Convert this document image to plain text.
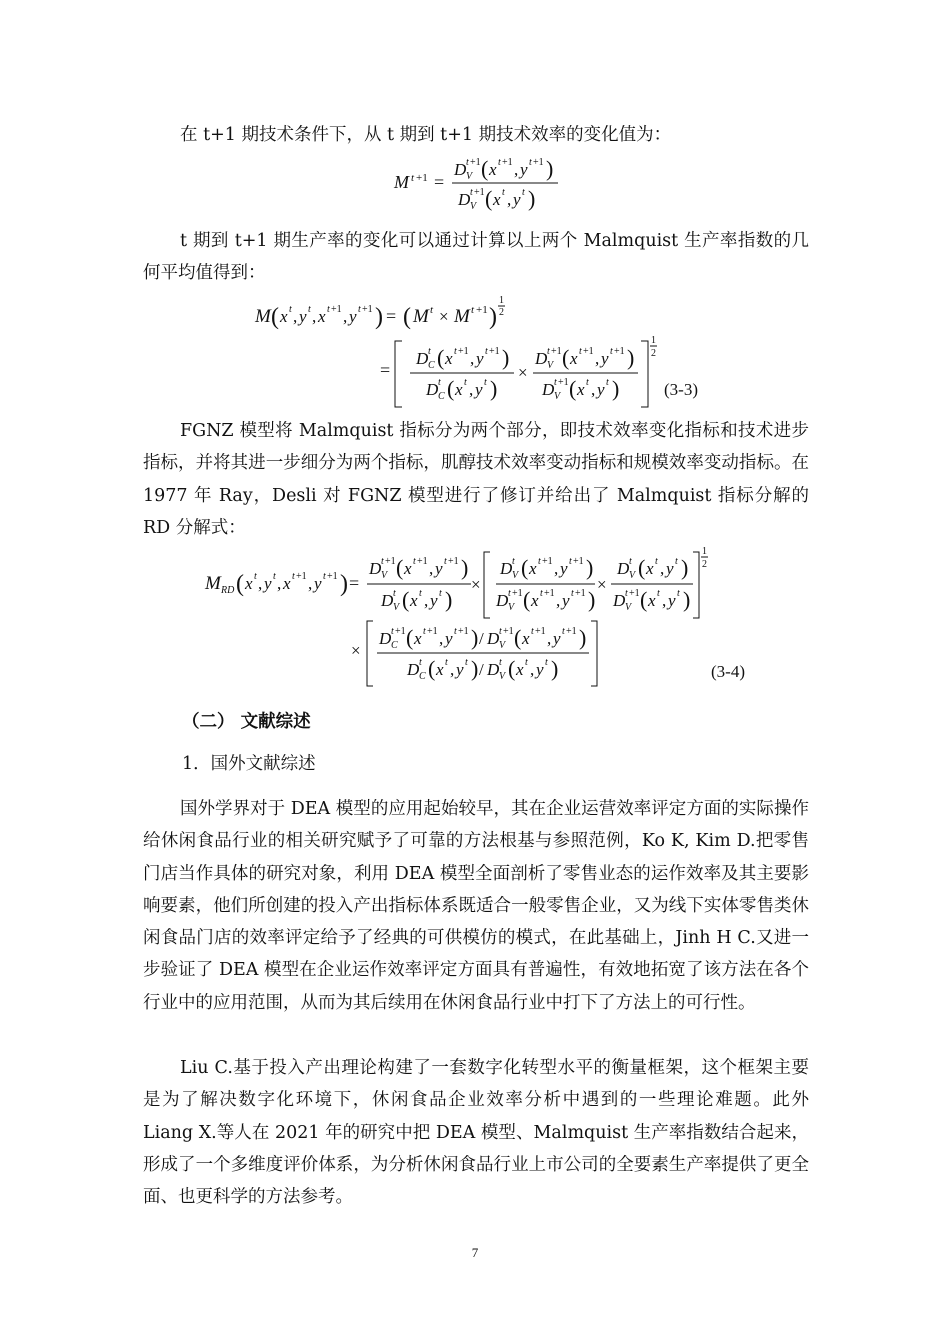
在 t+1 期技术条件下，从 t 期到 t+1 期技术效率的变化值为：

M t +1 =
D t +1
V ( x t +1 , y t +1 )
D t +1
V ( x t , y t )

t 期到 t+1 期生产率的变化可以通过计算以上两个 Malmquist 生产率指数的几何平均值得到：

M ( x t , y t , x t +1 , y t +1 ) = ( M t × M t +1 )
1
2
=
D t
C ( x t +1 , y t +1 )
D t
C ( x t , y t )
×
D t +1
V ( x t +1 , y t +1 )
D t +1
V ( x t , y t )
1
2
(3-3)

FGNZ 模型将 Malmquist 指标分为两个部分，即技术效率变化指标和技术进步指标，并将其进一步细分为两个指标，肌醇技术效率变动指标和规模效率变动指标。在 1977 年 Ray，Desli 对 FGNZ 模型进行了修订并给出了 Malmquist 指标分解的 RD 分解式：

M RD ( x t , y t , x t +1 , y t +1 ) =
D t +1
V ( x t +1 , y t +1 )
D t
V ( x t , y t )
×
D t
V ( x t +1 , y t +1 )
D t +1
V ( x t +1 , y t +1 )
×
D t
V ( x t , y t )
D t +1
V ( x t , y t )
1
2
×
D t +1
C ( x t +1 , y t +1 ) / D t +1
V ( x t +1 , y t +1 )
D t
C ( x t , y t ) / D t
V ( x t , y t )	(3-4)

（二） 文献综述

1．国外文献综述

国外学界对于 DEA 模型的应用起始较早，其在企业运营效率评定方面的实际操作给休闲食品行业的相关研究赋予了可靠的方法根基与参照范例，Ko K, Kim D.把零售门店当作具体的研究对象，利用 DEA 模型全面剖析了零售业态的运作效率及其主要影响要素，他们所创建的投入产出指标体系既适合一般零售企业，又为线下实体零售类休闲食品门店的效率评定给予了经典的可供模仿的模式，在此基础上，Jinh H C.又进一步验证了 DEA 模型在企业运作效率评定方面具有普遍性，有效地拓宽了该方法在各个行业中的应用范围，从而为其后续用在休闲食品行业中打下了方法上的可行性。

Liu C.基于投入产出理论构建了一套数字化转型水平的衡量框架，这个框架主要是为了解决数字化环境下，休闲食品企业效率分析中遇到的一些理论难题。此外 Liang X.等人在 2021 年的研究中把 DEA 模型、Malmquist 生产率指数结合起来，形成了一个多维度评价体系，为分析休闲食品行业上市公司的全要素生产率提供了更全面、也更科学的方法参考。

7
